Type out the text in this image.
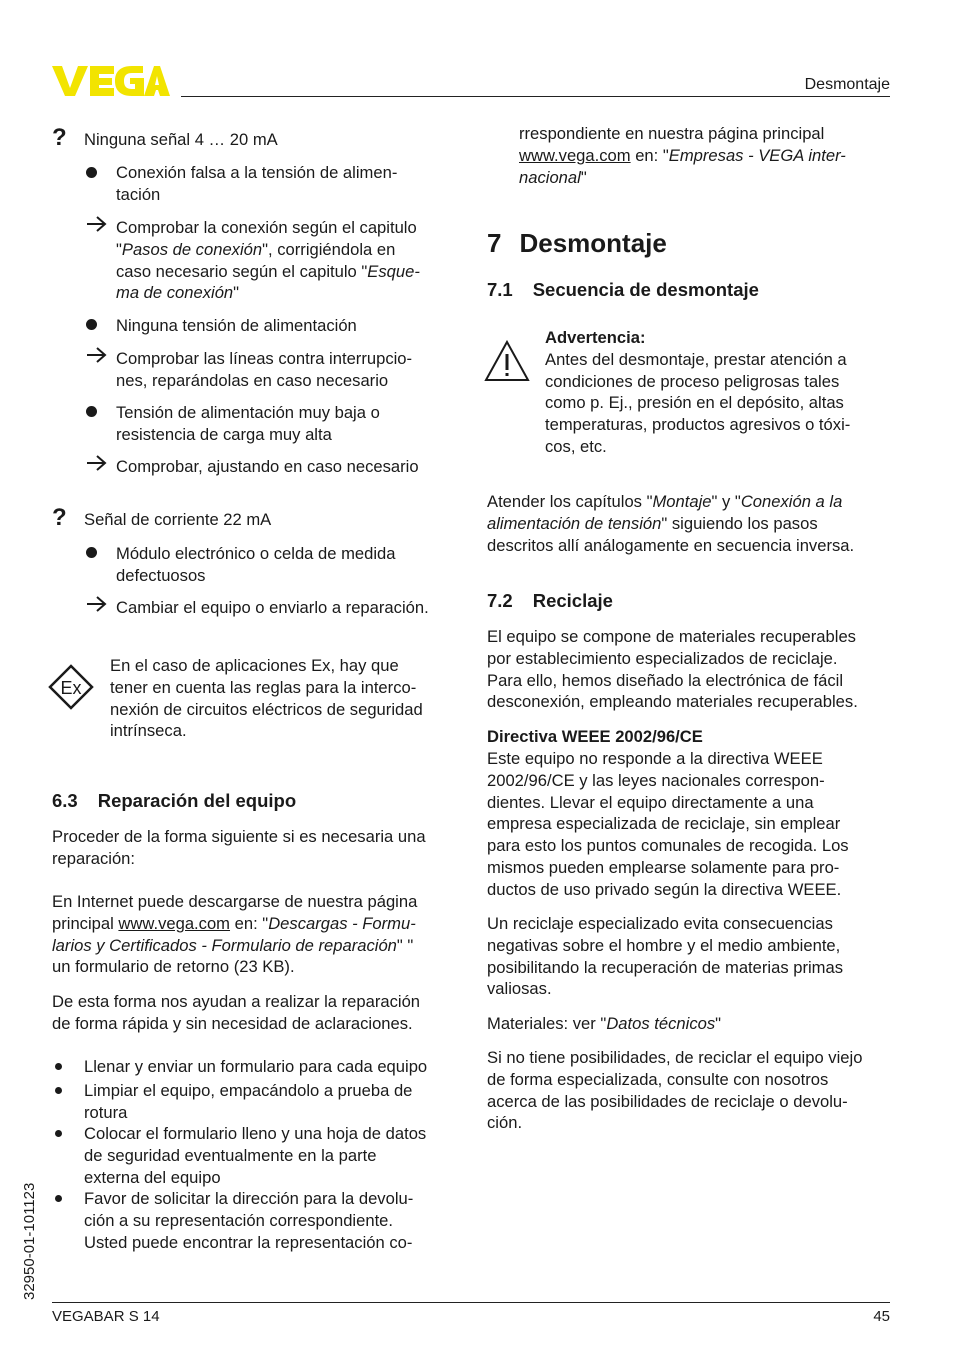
Desmontaje
? Ninguna señal 4 … 20 mA
Conexión falsa a la tensión de alimen-
tación
Comprobar la conexión según el capitulo
"Pasos de conexión", corrigiéndola en
caso necesario según el capitulo "Esque-
ma de conexión"
Ninguna tensión de alimentación
Comprobar las líneas contra interrupcio-
nes, reparándolas en caso necesario
Tensión de alimentación muy baja o
resistencia de carga muy alta
Comprobar, ajustando en caso necesario
? Señal de corriente 22 mA
Módulo electrónico o celda de medida
defectuosos
Cambiar el equipo o enviarlo a reparación.
Ex
En el caso de aplicaciones Ex, hay que
tener en cuenta las reglas para la interco-
nexión de circuitos eléctricos de seguridad
intrínseca.
6.3 Reparación del equipo
Proceder de la forma siguiente si es necesaria una
reparación:
En Internet puede descargarse de nuestra página
principal www.vega.com en: "Descargas - Formu-
larios y Certificados - Formulario de reparación" "
un formulario de retorno (23 KB).
De esta forma nos ayudan a realizar la reparación
de forma rápida y sin necesidad de aclaraciones.
Llenar y enviar un formulario para cada equipo
Limpiar el equipo, empacándolo a prueba de
rotura
Colocar el formulario lleno y una hoja de datos
de seguridad eventualmente en la parte
externa del equipo
Favor de solicitar la dirección para la devolu-
ción a su representación correspondiente.
Usted puede encontrar la representación co-
rrespondiente en nuestra página principal
www.vega.com en: "Empresas - VEGA inter-
nacional"
7 Desmontaje
7.1 Secuencia de desmontaje
Advertencia:
Antes del desmontaje, prestar atención a
condiciones de proceso peligrosas tales
como p. Ej., presión en el depósito, altas
temperaturas, productos agresivos o tóxi-
cos, etc.
Atender los capítulos "Montaje" y "Conexión a la
alimentación de tensión" siguiendo los pasos
descritos allí análogamente en secuencia inversa.
7.2 Reciclaje
El equipo se compone de materiales recuperables
por establecimiento especializados de reciclaje.
Para ello, hemos diseñado la electrónica de fácil
desconexión, empleando materiales recuperables.
Directiva WEEE 2002/96/CE
Este equipo no responde a la directiva WEEE
2002/96/CE y las leyes nacionales correspon-
dientes. Llevar el equipo directamente a una
empresa especializada de reciclaje, sin emplear
para esto los puntos comunales de recogida. Los
mismos pueden emplearse solamente para pro-
ductos de uso privado según la directiva WEEE.
Un reciclaje especializado evita consecuencias
negativas sobre el hombre y el medio ambiente,
posibilitando la recuperación de materias primas
valiosas.
Materiales: ver "Datos técnicos"
Si no tiene posibilidades, de reciclar el equipo viejo
de forma especializada, consulte con nosotros
acerca de las posibilidades de reciclaje o devolu-
ción.
32950-01-101123
VEGABAR S 14	45
